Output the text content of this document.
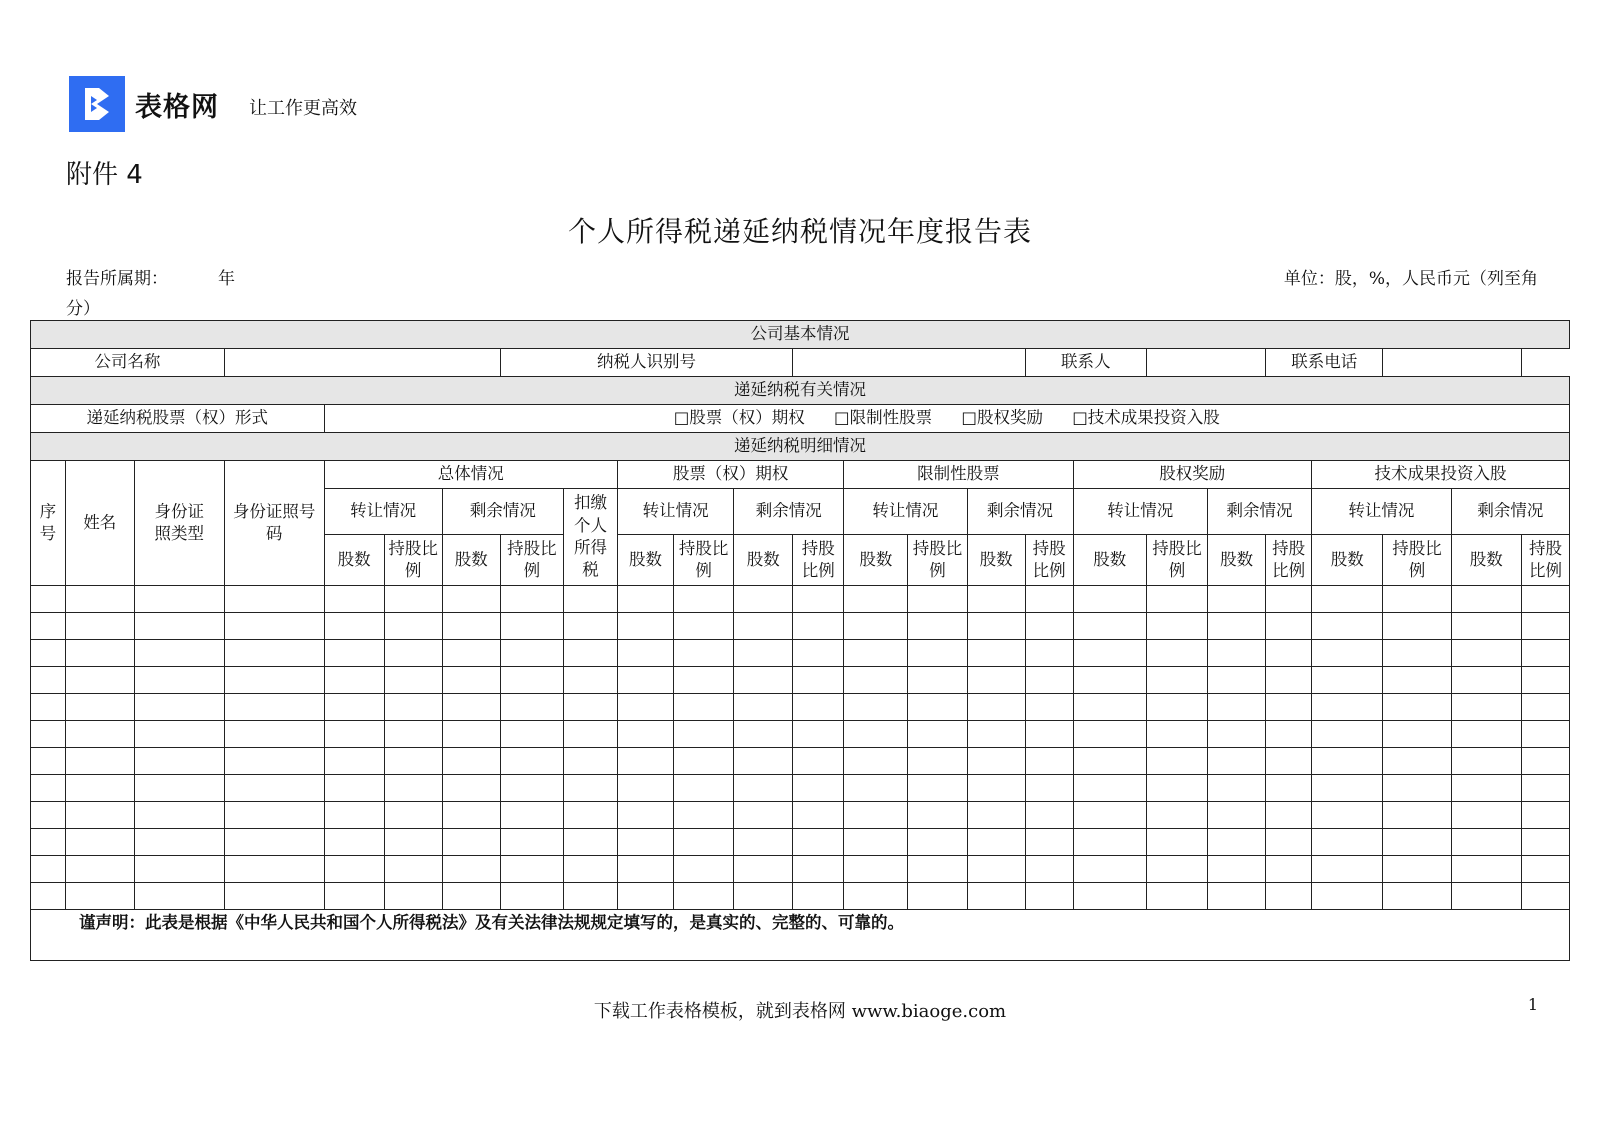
表格网 让工作更高效
附件 4
个人所得税递延纳税情况年度报告表
报告所属期：	年
分）
单位：股，%，人民币元（列至角
公司基本情况																								
公司名称							纳税人识别号									联系人				联系电话				
递延纳税有关情况																								
递延纳税股票（权）形式				□股票（权）期权 □限制性股票 □股权奖励 □技术成果投资入股																				
递延纳税明细情况																								
序号	姓名	身份证照类型	身份证照号码	总体情况					股票（权）期权				限制性股票				股权奖励				技术成果投资入股			
				转让情况		剩余情况		扣缴个人所得税	转让情况		剩余情况		转让情况		剩余情况		转让情况		剩余情况		转让情况		剩余情况	
				股数	持股比例	股数	持股比例		股数	持股比例	股数	持股比例	股数	持股比例	股数	持股比例	股数	持股比例	股数	持股比例	股数	持股比例	股数	持股比例

谨声明：此表是根据《中华人民共和国个人所得税法》及有关法律法规规定填写的，是真实的、完整的、可靠的。																								
下载工作表格模板，就到表格网 www.biaoge.com	1
